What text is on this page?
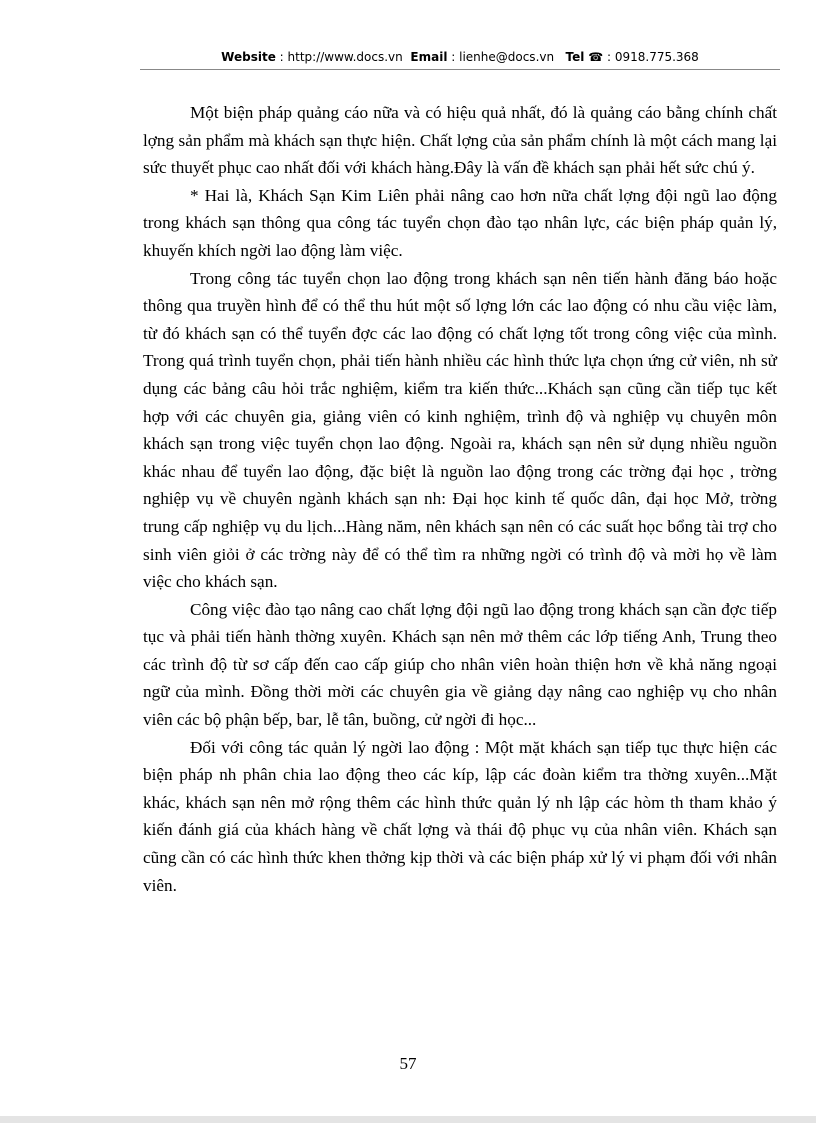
Website : http://www.docs.vn Email : lienhe@docs.vn Tel ☎ : 0918.775.368

Một biện pháp quảng cáo nữa và có hiệu quả nhất, đó là quảng cáo bằng chính chất lợng sản phẩm mà khách sạn thực hiện. Chất lợng của sản phẩm chính là một cách mang lại sức thuyết phục cao nhất đối với khách hàng.Đây là vấn đề khách sạn phải hết sức chú ý.

* Hai là, Khách Sạn Kim Liên phải nâng cao hơn nữa chất lợng đội ngũ lao động trong khách sạn thông qua công tác tuyển chọn đào tạo nhân lực, các biện pháp quản lý, khuyến khích ngời lao động làm việc.

Trong công tác tuyển chọn lao động trong khách sạn nên tiến hành đăng báo hoặc thông qua truyền hình để có thể thu hút một số lợng lớn các lao động có nhu cầu việc làm, từ đó khách sạn có thể tuyển đợc các lao động có chất lợng tốt trong công việc của mình. Trong quá trình tuyển chọn, phải tiến hành nhiều các hình thức lựa chọn ứng cử viên, nh sử dụng các bảng câu hỏi trắc nghiệm, kiểm tra kiến thức...Khách sạn cũng cần tiếp tục kết hợp với các chuyên gia, giảng viên có kinh nghiệm, trình độ và nghiệp vụ chuyên môn khách sạn trong việc tuyển chọn lao động. Ngoài ra, khách sạn nên sử dụng nhiều nguồn khác nhau để tuyển lao động, đặc biệt là nguồn lao động trong các trờng đại học , trờng nghiệp vụ về chuyên ngành khách sạn nh: Đại học kinh tế quốc dân, đại học Mở, trờng trung cấp nghiệp vụ du lịch...Hàng năm, nên khách sạn nên có các suất học bổng tài trợ cho sinh viên giỏi ở các trờng này để có thể tìm ra những ngời có trình độ và mời họ về làm việc cho khách sạn.

Công việc đào tạo nâng cao chất lợng đội ngũ lao động trong khách sạn cần đợc tiếp tục và phải tiến hành thờng xuyên. Khách sạn nên mở thêm các lớp tiếng Anh, Trung theo các trình độ từ sơ cấp đến cao cấp giúp cho nhân viên hoàn thiện hơn về khả năng ngoại ngữ của mình. Đồng thời mời các chuyên gia về giảng dạy nâng cao nghiệp vụ cho nhân viên các bộ phận bếp, bar, lễ tân, buồng, cử ngời đi học...

Đối với công tác quản lý ngời lao động : Một mặt khách sạn tiếp tục thực hiện các biện pháp nh phân chia lao động theo các kíp, lập các đoàn kiểm tra thờng xuyên...Mặt khác, khách sạn nên mở rộng thêm các hình thức quản lý nh lập các hòm th tham khảo ý kiến đánh giá của khách hàng về chất lợng và thái độ phục vụ của nhân viên. Khách sạn cũng cần có các hình thức khen thởng kịp thời và các biện pháp xử lý vi phạm đối với nhân viên.

57
